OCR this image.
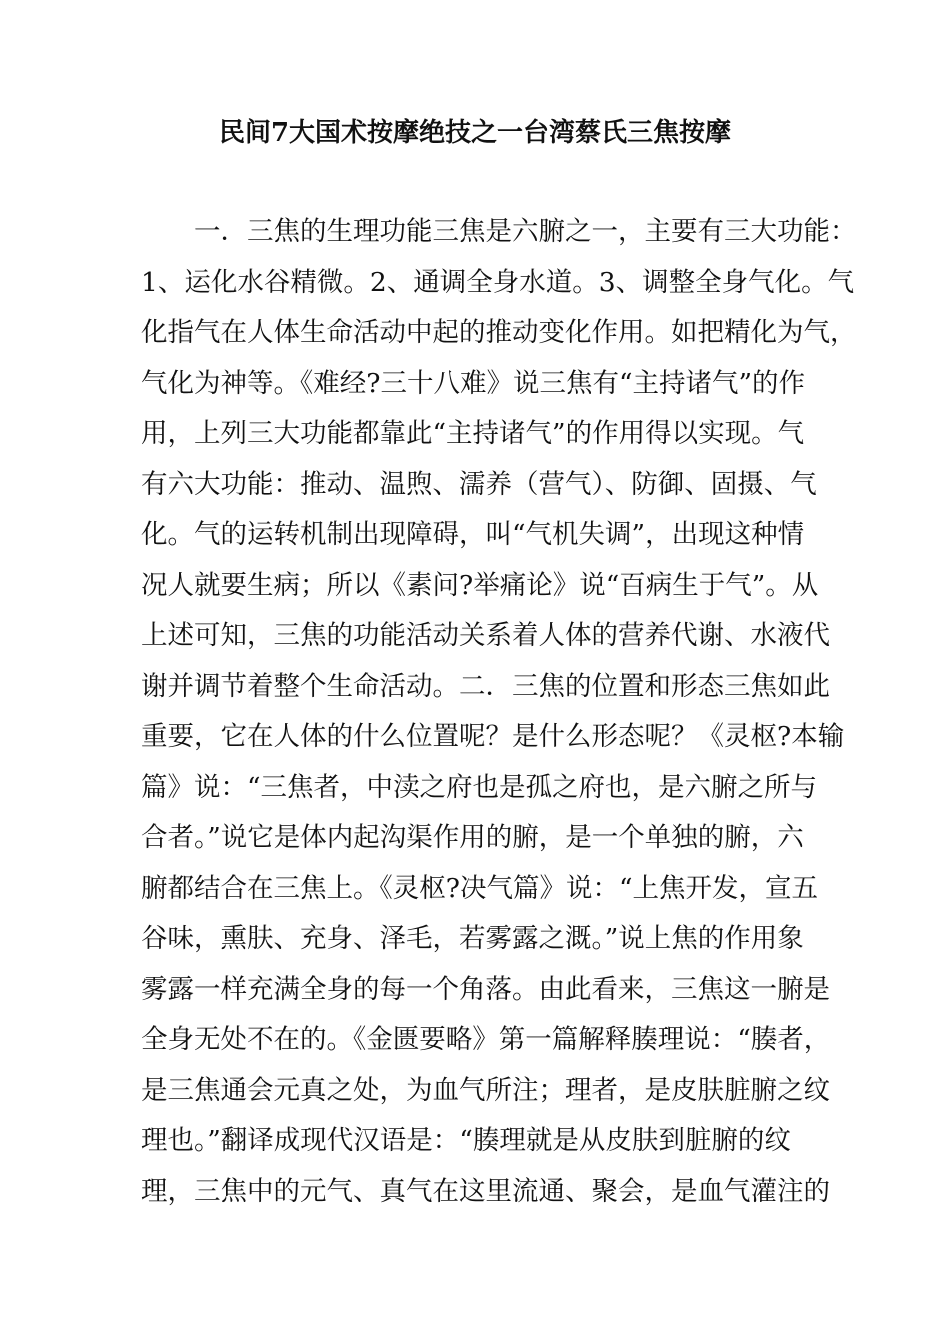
民间7大国术按摩绝技之一台湾蔡氏三焦按摩
一．三焦的生理功能三焦是六腑之一，主要有三大功能：
1、运化水谷精微。2、通调全身水道。3、调整全身气化。气
化指气在人体生命活动中起的推动变化作用。如把精化为气，
气化为神等。《难经?三十八难》说三焦有“主持诸气”的作
用，上列三大功能都靠此“主持诸气”的作用得以实现。气
有六大功能：推动、温煦、濡养（营气）、防御、固摄、气
化。气的运转机制出现障碍，叫“气机失调”，出现这种情
况人就要生病；所以《素问?举痛论》说“百病生于气”。从
上述可知，三焦的功能活动关系着人体的营养代谢、水液代
谢并调节着整个生命活动。二．三焦的位置和形态三焦如此
重要，它在人体的什么位置呢？是什么形态呢？《灵枢?本输
篇》说：“三焦者，中渎之府也是孤之府也，是六腑之所与
合者。”说它是体内起沟渠作用的腑，是一个单独的腑，六
腑都结合在三焦上。《灵枢?决气篇》说：“上焦开发，宣五
谷味，熏肤、充身、泽毛，若雾露之溉。”说上焦的作用象
雾露一样充满全身的每一个角落。由此看来，三焦这一腑是
全身无处不在的。《金匮要略》第一篇解释腠理说：“腠者，
是三焦通会元真之处，为血气所注；理者，是皮肤脏腑之纹
理也。”翻译成现代汉语是：“腠理就是从皮肤到脏腑的纹
理，三焦中的元气、真气在这里流通、聚会，是血气灌注的
